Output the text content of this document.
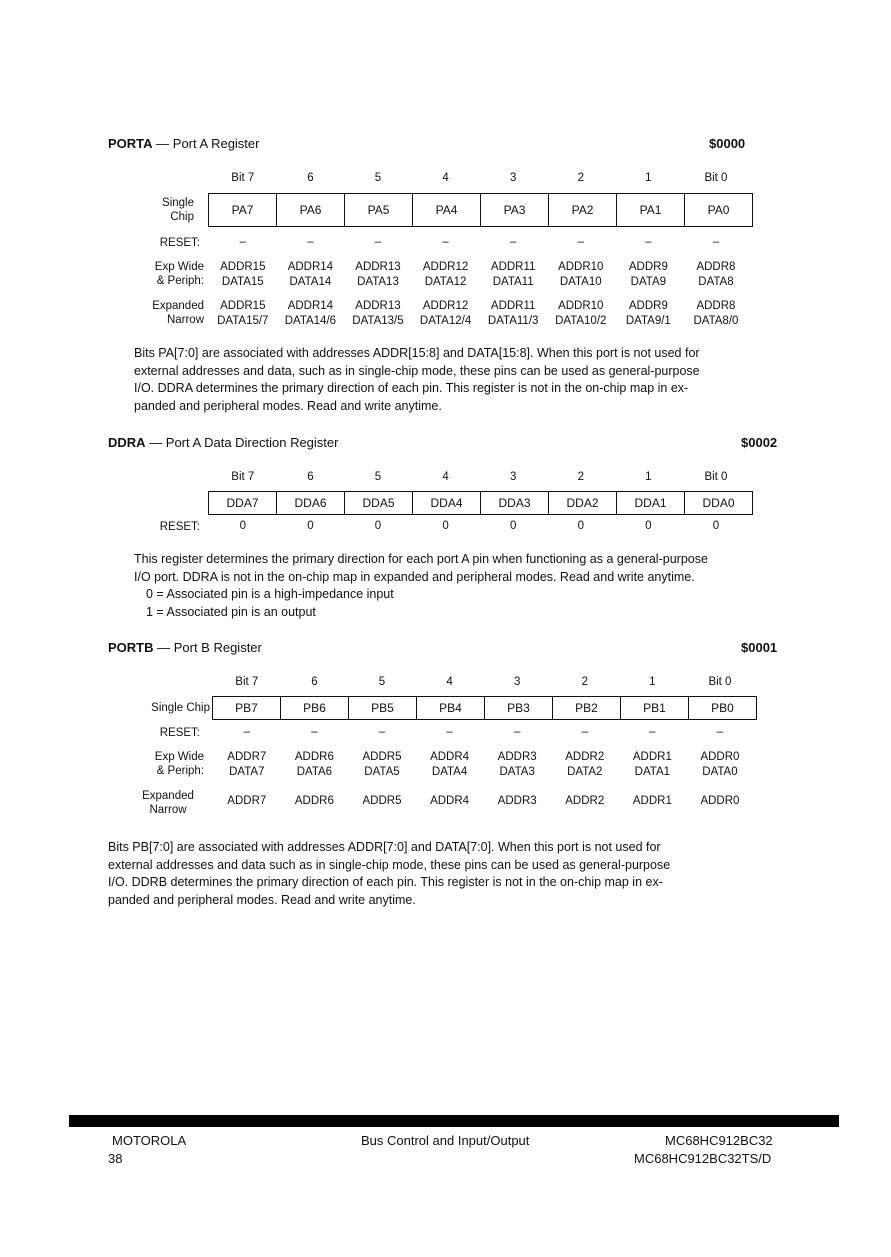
PORTA — Port A Register	$0000
Bit 7	6	5	4	3	2	1	Bit 0
Single
Chip	PA7	PA6	PA5	PA4	PA3	PA2	PA1	PA0
RESET:	–	–	–	–	–	–	–	–
Exp Wide
& Periph:
ADDR15	ADDR14	ADDR13	ADDR12	ADDR11	ADDR10	ADDR9	ADDR8
DATA15	DATA14	DATA13	DATA12	DATA11	DATA10	DATA9	DATA8
Expanded
Narrow
ADDR15	ADDR14	ADDR13	ADDR12	ADDR11	ADDR10	ADDR9	ADDR8
DATA15/7	DATA14/6	DATA13/5	DATA12/4	DATA11/3	DATA10/2	DATA9/1	DATA8/0

Bits PA[7:0] are associated with addresses ADDR[15:8] and DATA[15:8]. When this port is not used for

external addresses and data, such as in single-chip mode, these pins can be used as general-purpose

I/O. DDRA determines the primary direction of each pin. This register is not in the on-chip map in ex-

panded and peripheral modes. Read and write anytime.

DDRA — Port A Data Direction Register	$0002
Bit 7	6	5	4	3	2	1	Bit 0
DDA7	DDA6	DDA5	DDA4	DDA3	DDA2	DDA1	DDA0
RESET:	0	0	0	0	0	0	0	0

This register determines the primary direction for each port A pin when functioning as a general-purpose

I/O port. DDRA is not in the on-chip map in expanded and peripheral modes. Read and write anytime.

0 = Associated pin is a high-impedance input

1 = Associated pin is an output

PORTB — Port B Register	$0001
Bit 7	6	5	4	3	2	1	Bit 0
Single Chip	PB7	PB6	PB5	PB4	PB3	PB2	PB1	PB0
RESET:	–	–	–	–	–	–	–	–
Exp Wide
& Periph:
ADDR7	ADDR6	ADDR5	ADDR4	ADDR3	ADDR2	ADDR1	ADDR0
DATA7	DATA6	DATA5	DATA4	DATA3	DATA2	DATA1	DATA0
Expanded
Narrow
ADDR7	ADDR6	ADDR5	ADDR4	ADDR3	ADDR2	ADDR1	ADDR0

Bits PB[7:0] are associated with addresses ADDR[7:0] and DATA[7:0]. When this port is not used for

external addresses and data such as in single-chip mode, these pins can be used as general-purpose

I/O. DDRB determines the primary direction of each pin. This register is not in the on-chip map in ex-

panded and peripheral modes. Read and write anytime.

MOTOROLA
38
Bus Control and Input/Output	MC68HC912BC32
MC68HC912BC32TS/D
